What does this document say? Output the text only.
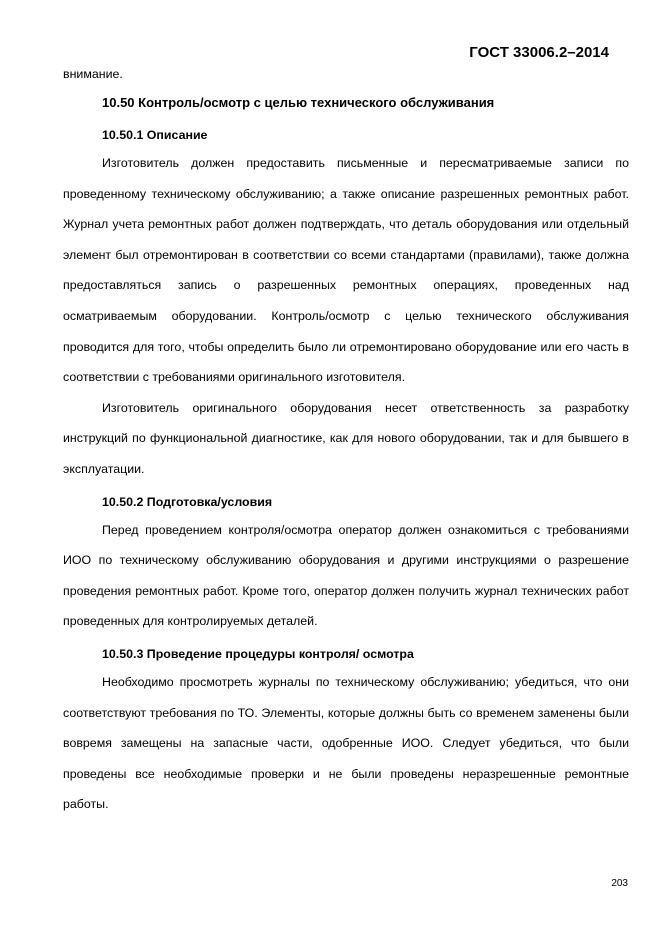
ГОСТ 33006.2–2014

внимание.

10.50 Контроль/осмотр с целью технического обслуживания
10.50.1 Описание

Изготовитель должен предоставить письменные и пересматриваемые записи по проведенному техническому обслуживанию; а также описание разрешенных ремонтных работ. Журнал учета ремонтных работ должен подтверждать, что деталь оборудования или отдельный элемент был отремонтирован в соответствии со всеми стандартами (правилами), также должна предоставляться запись о разрешенных ремонтных операциях, проведенных над осматриваемым оборудовании. Контроль/осмотр с целью технического обслуживания проводится для того, чтобы определить было ли отремонтировано оборудование или его часть в соответствии с требованиями оригинального изготовителя.

Изготовитель оригинального оборудования несет ответственность за разработку инструкций по функциональной диагностике, как для нового оборудовании, так и для бывшего в эксплуатации.

10.50.2 Подготовка/условия

Перед проведением контроля/осмотра оператор должен ознакомиться с требованиями ИОО по техническому обслуживанию оборудования и другими инструкциями о разрешение проведения ремонтных работ. Кроме того, оператор должен получить журнал технических работ проведенных для контролируемых деталей.

10.50.3 Проведение процедуры контроля/ осмотра

Необходимо просмотреть журналы по техническому обслуживанию; убедиться, что они соответствуют требования по ТО. Элементы, которые должны быть со временем заменены были вовремя замещены на запасные части, одобренные ИОО. Следует убедиться, что были проведены все необходимые проверки и не были проведены неразрешенные ремонтные работы.

203
